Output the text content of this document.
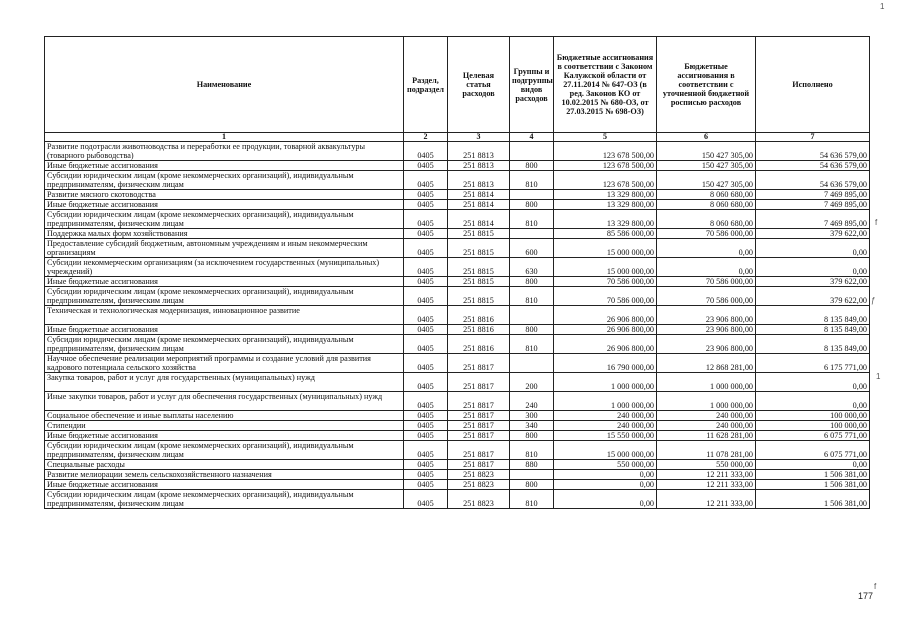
Наименование	Раздел, подраздел	Целевая статья расходов	Группы и подгруппы видов расходов	Бюджетные ассигнования в соответствии с Законом Калужской области от 27.11.2014 № 647-ОЗ (в ред. Законов КО от 10.02.2015 № 680-ОЗ, от 27.03.2015 № 698-ОЗ)	Бюджетные ассигнования в соответствии с уточненной бюджетной росписью расходов	Исполнено
1	2	3	4	5	6	7
Развитие подотрасли животноводства и переработки ее продукции, товарной аквакультуры (товарного рыбоводства)	0405	251 8813		123 678 500,00	150 427 305,00	54 636 579,00
Иные бюджетные ассигнования	0405	251 8813	800	123 678 500,00	150 427 305,00	54 636 579,00
Субсидии юридическим лицам (кроме некоммерческих организаций), индивидуальным предпринимателям, физическим лицам	0405	251 8813	810	123 678 500,00	150 427 305,00	54 636 579,00
Развитие мясного скотоводства	0405	251 8814		13 329 800,00	8 060 680,00	7 469 895,00
Иные бюджетные ассигнования	0405	251 8814	800	13 329 800,00	8 060 680,00	7 469 895,00
Субсидии юридическим лицам (кроме некоммерческих организаций), индивидуальным предпринимателям, физическим лицам	0405	251 8814	810	13 329 800,00	8 060 680,00	7 469 895,00
Поддержка малых форм хозяйствования	0405	251 8815		85 586 000,00	70 586 000,00	379 622,00
Предоставление субсидий бюджетным, автономным учреждениям и иным некоммерческим организациям	0405	251 8815	600	15 000 000,00	0,00	0,00
Субсидии некоммерческим организациям (за исключением государственных (муниципальных) учреждений)	0405	251 8815	630	15 000 000,00	0,00	0,00
Иные бюджетные ассигнования	0405	251 8815	800	70 586 000,00	70 586 000,00	379 622,00
Субсидии юридическим лицам (кроме некоммерческих организаций), индивидуальным предпринимателям, физическим лицам	0405	251 8815	810	70 586 000,00	70 586 000,00	379 622,00
Техническая и технологическая модернизация, инновационное развитие	0405	251 8816		26 906 800,00	23 906 800,00	8 135 849,00
Иные бюджетные ассигнования	0405	251 8816	800	26 906 800,00	23 906 800,00	8 135 849,00
Субсидии юридическим лицам (кроме некоммерческих организаций), индивидуальным предпринимателям, физическим лицам	0405	251 8816	810	26 906 800,00	23 906 800,00	8 135 849,00
Научное обеспечение реализации мероприятий программы и создание условий для развития кадрового потенциала сельского хозяйства	0405	251 8817		16 790 000,00	12 868 281,00	6 175 771,00
Закупка товаров, работ и услуг для государственных (муниципальных) нужд	0405	251 8817	200	1 000 000,00	1 000 000,00	0,00
Иные закупки товаров, работ и услуг для обеспечения государственных (муниципальных) нужд	0405	251 8817	240	1 000 000,00	1 000 000,00	0,00
Социальное обеспечение и иные выплаты населению	0405	251 8817	300	240 000,00	240 000,00	100 000,00
Стипендии	0405	251 8817	340	240 000,00	240 000,00	100 000,00
Иные бюджетные ассигнования	0405	251 8817	800	15 550 000,00	11 628 281,00	6 075 771,00
Субсидии юридическим лицам (кроме некоммерческих организаций), индивидуальным предпринимателям, физическим лицам	0405	251 8817	810	15 000 000,00	11 078 281,00	6 075 771,00
Специальные расходы	0405	251 8817	880	550 000,00	550 000,00	0,00
Развитие мелиорации земель сельскохозяйственного назначения	0405	251 8823		0,00	12 211 333,00	1 506 381,00
Иные бюджетные ассигнования	0405	251 8823	800	0,00	12 211 333,00	1 506 381,00
Субсидии юридическим лицам (кроме некоммерческих организаций), индивидуальным предпринимателям, физическим лицам	0405	251 8823	810	0,00	12 211 333,00	1 506 381,00
1
f
ƒ
1
f
177
